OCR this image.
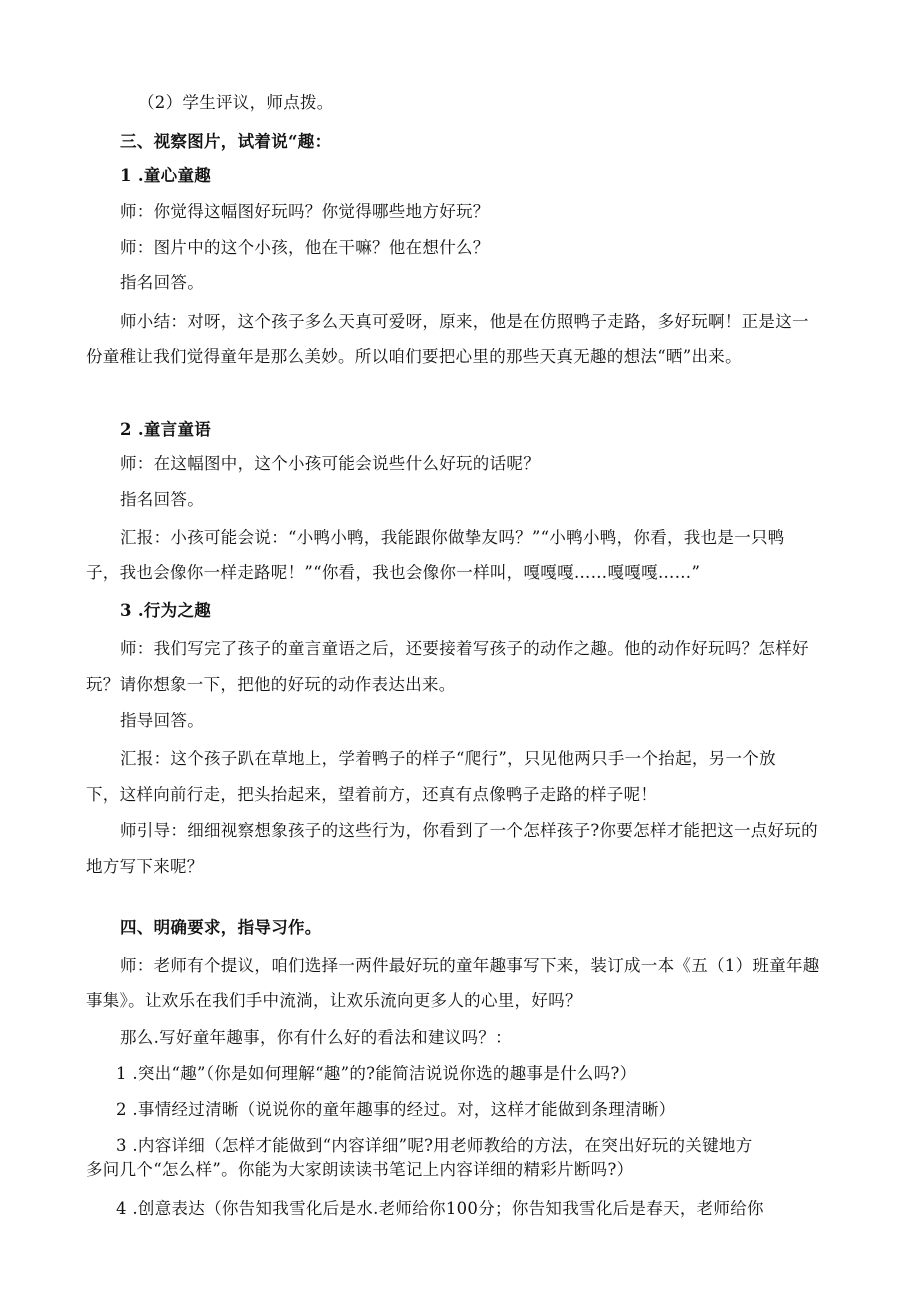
（2）学生评议，师点拨。
三、视察图片，试着说“趣：
1 .童心童趣
师：你觉得这幅图好玩吗？你觉得哪些地方好玩？
师：图片中的这个小孩，他在干嘛？他在想什么？
指名回答。
师小结：对呀，这个孩子多么天真可爱呀，原来，他是在仿照鸭子走路，多好玩啊！正是这一
份童稚让我们觉得童年是那么美妙。所以咱们要把心里的那些天真无趣的想法“晒”出来。
2 .童言童语
师：在这幅图中，这个小孩可能会说些什么好玩的话呢？
指名回答。
汇报：小孩可能会说：“小鸭小鸭，我能跟你做挚友吗？”“小鸭小鸭，你看，我也是一只鸭
子，我也会像你一样走路呢！”“你看，我也会像你一样叫，嘎嘎嘎……嘎嘎嘎……”
3 .行为之趣
师：我们写完了孩子的童言童语之后，还要接着写孩子的动作之趣。他的动作好玩吗？怎样好
玩？请你想象一下，把他的好玩的动作表达出来。
指导回答。
汇报：这个孩子趴在草地上，学着鸭子的样子“爬行”，只见他两只手一个抬起，另一个放
下，这样向前行走，把头抬起来，望着前方，还真有点像鸭子走路的样子呢！
师引导：细细视察想象孩子的这些行为，你看到了一个怎样孩子?你要怎样才能把这一点好玩的
地方写下来呢？
四、明确要求，指导习作。
师：老师有个提议，咱们选择一两件最好玩的童年趣事写下来，装订成一本《五（1）班童年趣
事集》。让欢乐在我们手中流淌，让欢乐流向更多人的心里，好吗？
那么.写好童年趣事，你有什么好的看法和建议吗？：
1 .突出“趣”（你是如何理解“趣”的?能简洁说说你选的趣事是什么吗?）
2 .事情经过清晰（说说你的童年趣事的经过。对，这样才能做到条理清晰）
3 .内容详细（怎样才能做到“内容详细”呢?用老师教给的方法，在突出好玩的关键地方
多问几个“怎么样”。你能为大家朗读读书笔记上内容详细的精彩片断吗?）
4 .创意表达（你告知我雪化后是水.老师给你100分；你告知我雪化后是春天，老师给你
